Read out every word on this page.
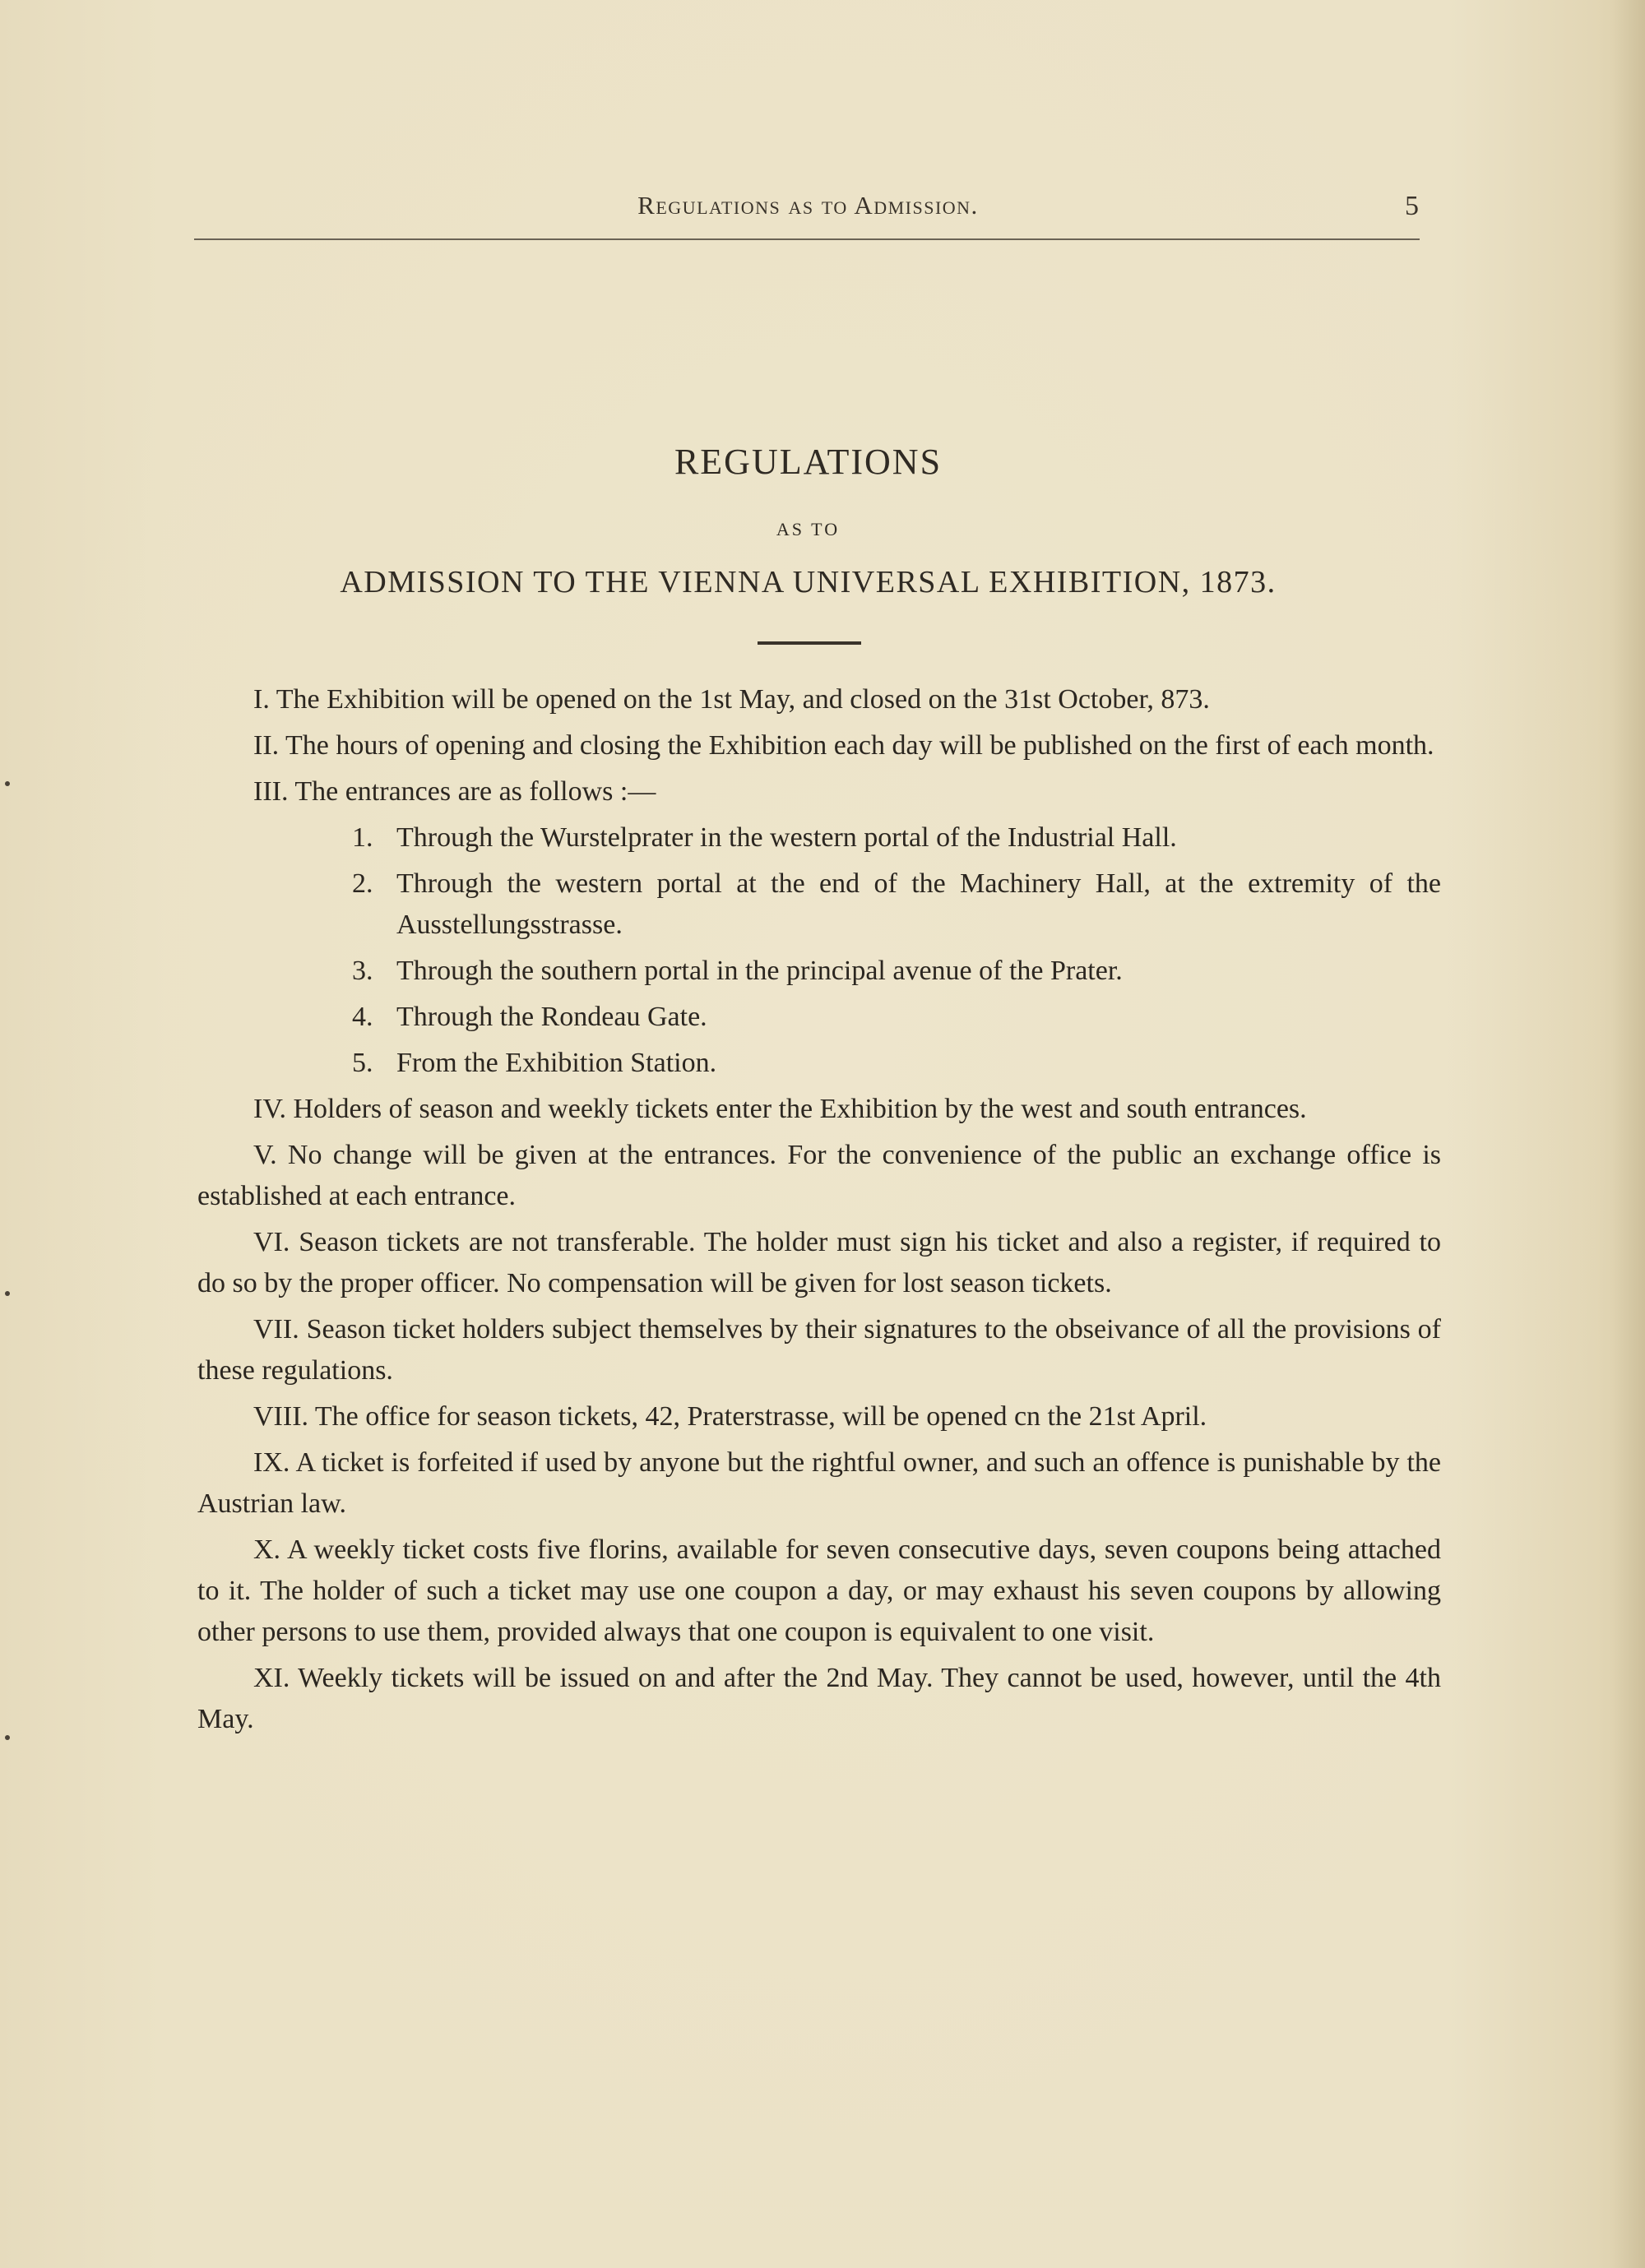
Regulations as to Admission.	5
REGULATIONS
AS TO
ADMISSION TO THE VIENNA UNIVERSAL EXHIBITION, 1873.

I. The Exhibition will be opened on the 1st May, and closed on the 31st October, 873.

II. The hours of opening and closing the Exhibition each day will be published on the first of each month.

III. The entrances are as follows :—

1. Through the Wurstelprater in the western portal of the Industrial Hall.
2. Through the western portal at the end of the Machinery Hall, at the extremity of the Ausstellungsstrasse.
3. Through the southern portal in the principal avenue of the Prater.
4. Through the Rondeau Gate.
5. From the Exhibition Station.

IV. Holders of season and weekly tickets enter the Exhibition by the west and south entrances.

V. No change will be given at the entrances. For the convenience of the public an exchange office is established at each entrance.

VI. Season tickets are not transferable. The holder must sign his ticket and also a register, if required to do so by the proper officer. No compensation will be given for lost season tickets.

VII. Season ticket holders subject themselves by their signatures to the obseivance of all the provisions of these regulations.

VIII. The office for season tickets, 42, Praterstrasse, will be opened cn the 21st April.

IX. A ticket is forfeited if used by anyone but the rightful owner, and such an offence is punishable by the Austrian law.

X. A weekly ticket costs five florins, available for seven consecutive days, seven coupons being attached to it. The holder of such a ticket may use one coupon a day, or may exhaust his seven coupons by allowing other persons to use them, provided always that one coupon is equivalent to one visit.

XI. Weekly tickets will be issued on and after the 2nd May. They cannot be used, however, until the 4th May.
